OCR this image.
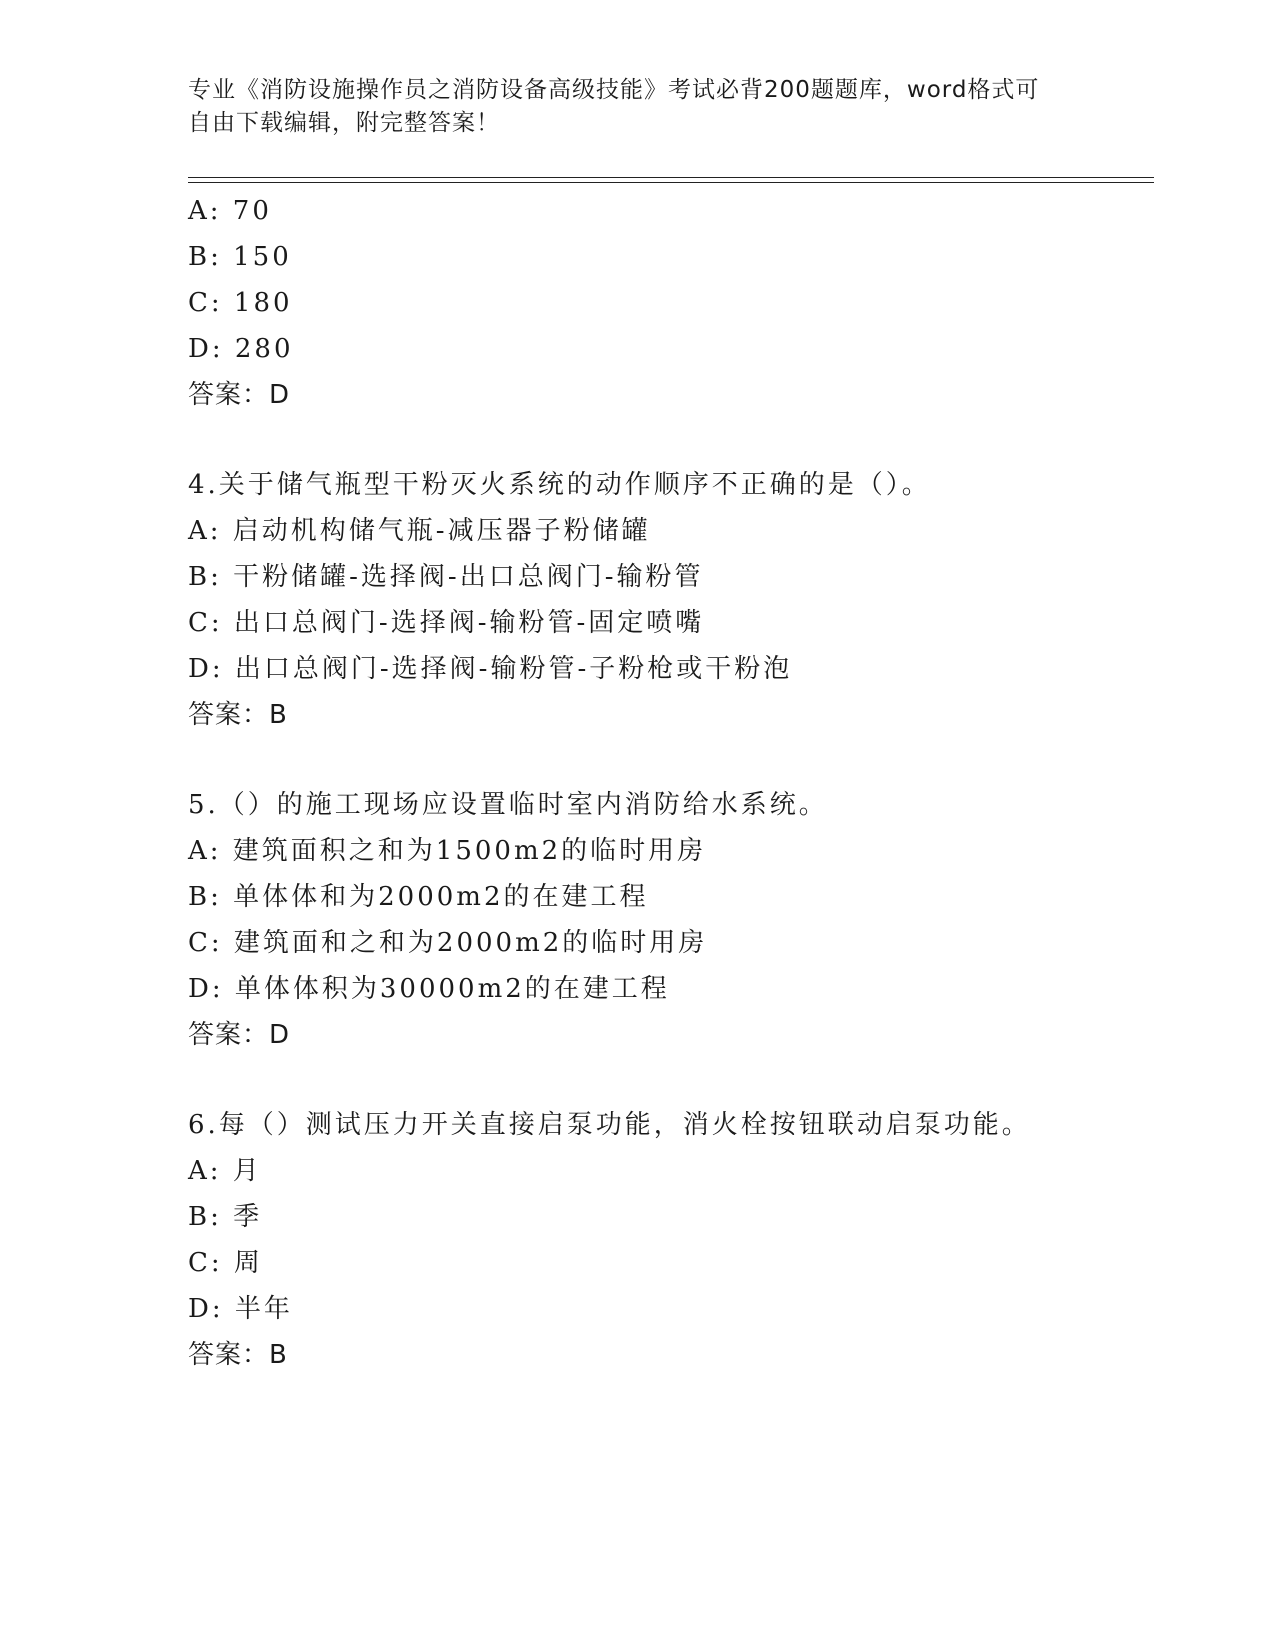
专业《消防设施操作员之消防设备高级技能》考试必背200题题库，word格式可
自由下载编辑，附完整答案！
A: 70
B: 150
C: 180
D: 280
答案：D
4.关于储气瓶型干粉灭火系统的动作顺序不正确的是（）。
A: 启动机构储气瓶-减压器子粉储罐
B: 干粉储罐-选择阀-出口总阀门-输粉管
C: 出口总阀门-选择阀-输粉管-固定喷嘴
D: 出口总阀门-选择阀-输粉管-子粉枪或干粉泡
答案：B
5.（）的施工现场应设置临时室内消防给水系统。
A: 建筑面积之和为1500m2的临时用房
B: 单体体和为2000m2的在建工程
C: 建筑面和之和为2000m2的临时用房
D: 单体体积为30000m2的在建工程
答案：D
6.每（）测试压力开关直接启泵功能，消火栓按钮联动启泵功能。
A: 月
B: 季
C: 周
D: 半年
答案：B
